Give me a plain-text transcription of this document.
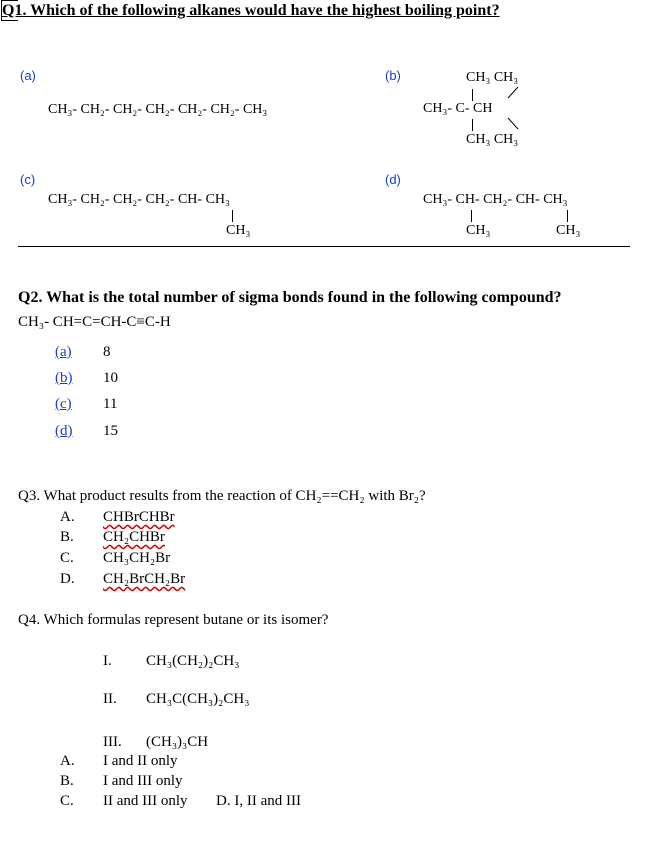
Q1. Which of the following alkanes would have the highest boiling point?
(a)
CH₃- CH₂- CH₂- CH₂- CH₂- CH₂- CH₃
(b)	CH₃ CH₃
CH₃- C- CH
CH₃ CH₃
(c)
CH₃- CH₂- CH₂- CH₂- CH- CH₃
CH₃
(d)
CH₃- CH- CH₂- CH- CH₃
CH₃	CH₃
Q2. What is the total number of sigma bonds found in the following compound?
CH₃- CH=C=CH-C≡C-H
(a) 8
(b) 10
(c) 11
(d) 15
Q3. What product results from the reaction of CH₂==CH₂ with Br₂?
A. CHBrCHBr
B. CH₂CHBr
C. CH₃CH₂Br
D. CH₂BrCH₂Br
Q4. Which formulas represent butane or its isomer?
I. CH₃(CH₂)₂CH₃
II. CH₃C(CH₃)₂CH₃
III. (CH₃)₃CH
A. I and II only
B. I and III only
C. II and III only D. I, II and III
